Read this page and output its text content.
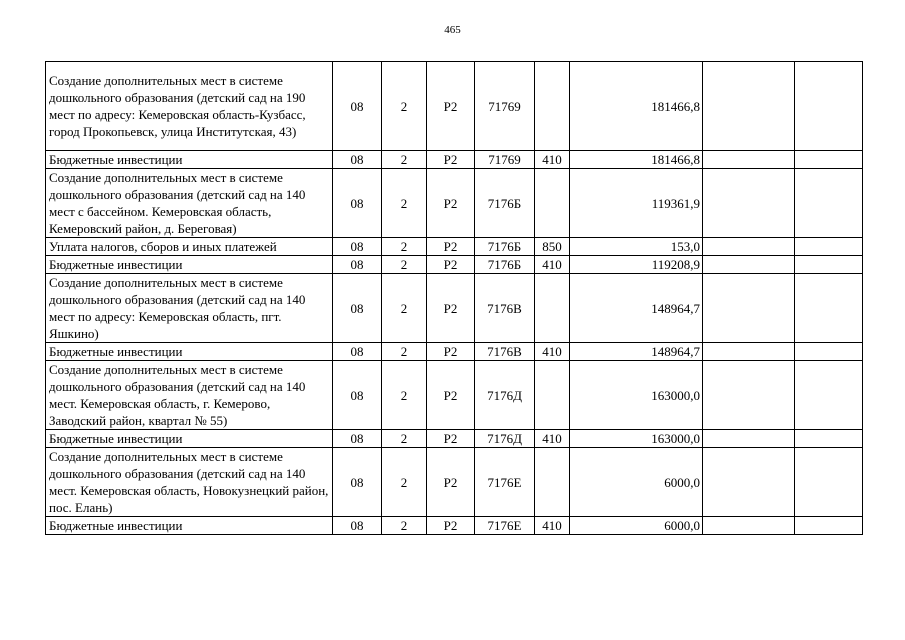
465
Создание дополнительных мест в системе дошкольного образования (детский сад на 190 мест по адресу: Кемеровская область-Кузбасс, город Прокопьевск, улица Институтская, 43)	08	2	P2	71769		181466,8		
Бюджетные инвестиции	08	2	P2	71769	410	181466,8		
Создание дополнительных мест в системе дошкольного образования (детский сад на 140 мест с бассейном. Кемеровская область, Кемеровский район, д. Береговая)	08	2	P2	7176Б		119361,9		
Уплата налогов, сборов и иных платежей	08	2	P2	7176Б	850	153,0		
Бюджетные инвестиции	08	2	P2	7176Б	410	119208,9		
Создание дополнительных мест в системе дошкольного образования (детский сад на 140 мест по адресу: Кемеровская область, пгт. Яшкино)	08	2	P2	7176В		148964,7		
Бюджетные инвестиции	08	2	P2	7176В	410	148964,7		
Создание дополнительных мест в системе дошкольного образования (детский сад на 140 мест. Кемеровская область, г. Кемерово, Заводский район, квартал № 55)	08	2	P2	7176Д		163000,0		
Бюджетные инвестиции	08	2	P2	7176Д	410	163000,0		
Создание дополнительных мест в системе дошкольного образования (детский сад на 140 мест. Кемеровская область, Новокузнецкий район, пос. Елань)	08	2	P2	7176Е		6000,0		
Бюджетные инвестиции	08	2	P2	7176Е	410	6000,0		
